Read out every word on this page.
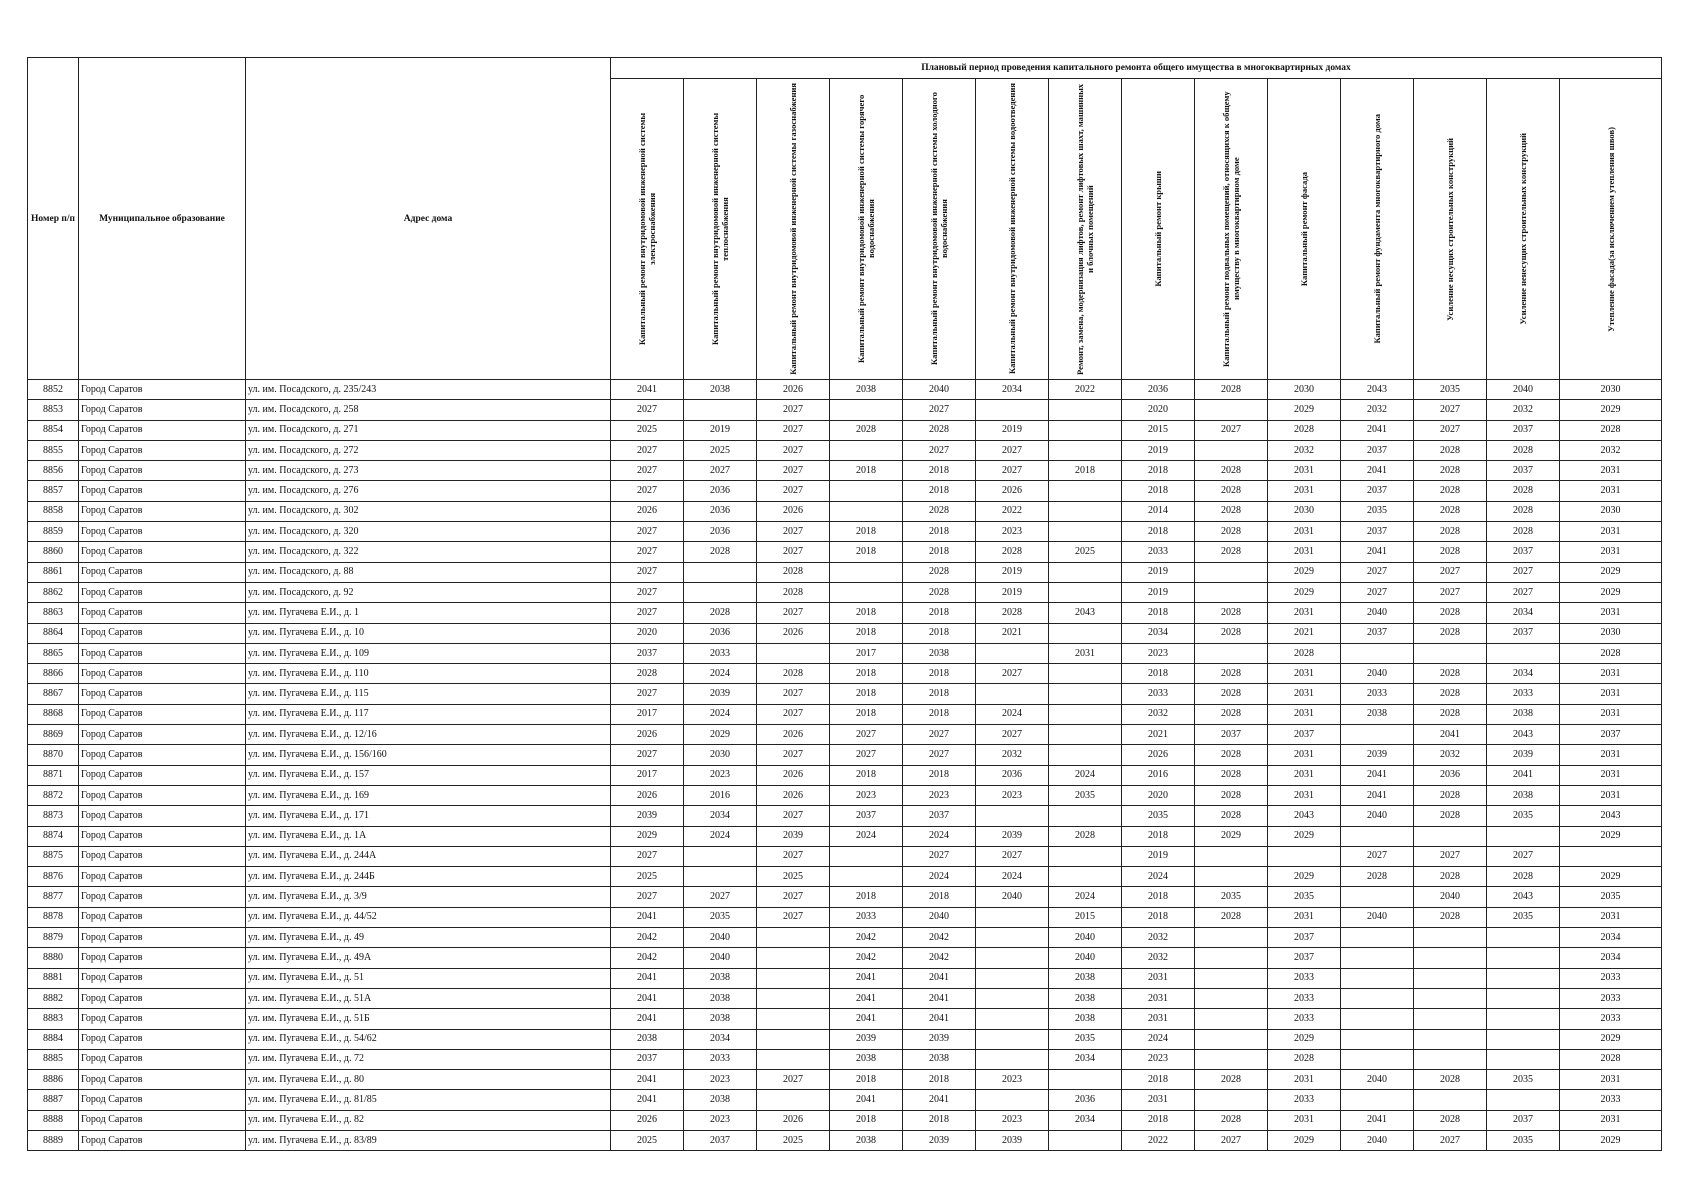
Номер п/п	Муниципальное образование	Адрес дома	Плановый период проведения капитального ремонта общего имущества в многоквартирных домах													

			Капитальный ремонт внутридомовой инженерной системы электроснабжения	Капитальный ремонт внутридомовой инженерной системы теплоснабжения	Капитальный ремонт внутридомовой инженерной системы газоснабжения	Капитальный ремонт внутридомовой инженерной системы горячего водоснабжения	Капитальный ремонт внутридомовой инженерной системы холодного водоснабжения	Капитальный ремонт внутридомовой инженерной системы водоотведения	Ремонт, замена, модернизация лифтов, ремонт лифтовых шахт, машинных и блочных помещений	Капитальный ремонт крыши	Капитальный ремонт подвальных помещений, относящихся к общему имуществу в многоквартирном доме	Капитальный ремонт фасада	Капитальный ремонт фундамента многоквартирного дома	Усиление несущих строительных конструкций	Усиление ненесущих строительных конструкций	Утепление фасада(за исключением утепления швов)

8852	Город Саратов	ул. им. Посадского, д. 235/243	2041	2038	2026	2038	2040	2034	2022	2036	2028	2030	2043	2035	2040	2030
8853	Город Саратов	ул. им. Посадского, д. 258	2027		2027		2027			2020		2029	2032	2027	2032	2029
8854	Город Саратов	ул. им. Посадского, д. 271	2025	2019	2027	2028	2028	2019		2015	2027	2028	2041	2027	2037	2028
8855	Город Саратов	ул. им. Посадского, д. 272	2027	2025	2027		2027	2027		2019		2032	2037	2028	2028	2032
8856	Город Саратов	ул. им. Посадского, д. 273	2027	2027	2027	2018	2018	2027	2018	2018	2028	2031	2041	2028	2037	2031
8857	Город Саратов	ул. им. Посадского, д. 276	2027	2036	2027		2018	2026		2018	2028	2031	2037	2028	2028	2031
8858	Город Саратов	ул. им. Посадского, д. 302	2026	2036	2026		2028	2022		2014	2028	2030	2035	2028	2028	2030
8859	Город Саратов	ул. им. Посадского, д. 320	2027	2036	2027	2018	2018	2023		2018	2028	2031	2037	2028	2028	2031
8860	Город Саратов	ул. им. Посадского, д. 322	2027	2028	2027	2018	2018	2028	2025	2033	2028	2031	2041	2028	2037	2031
8861	Город Саратов	ул. им. Посадского, д. 88	2027		2028		2028	2019		2019		2029	2027	2027	2027	2029
8862	Город Саратов	ул. им. Посадского, д. 92	2027		2028		2028	2019		2019		2029	2027	2027	2027	2029
8863	Город Саратов	ул. им. Пугачева Е.И., д. 1	2027	2028	2027	2018	2018	2028	2043	2018	2028	2031	2040	2028	2034	2031
8864	Город Саратов	ул. им. Пугачева Е.И., д. 10	2020	2036	2026	2018	2018	2021		2034	2028	2021	2037	2028	2037	2030
8865	Город Саратов	ул. им. Пугачева Е.И., д. 109	2037	2033		2017	2038		2031	2023		2028				2028
8866	Город Саратов	ул. им. Пугачева Е.И., д. 110	2028	2024	2028	2018	2018	2027		2018	2028	2031	2040	2028	2034	2031
8867	Город Саратов	ул. им. Пугачева Е.И., д. 115	2027	2039	2027	2018	2018			2033	2028	2031	2033	2028	2033	2031
8868	Город Саратов	ул. им. Пугачева Е.И., д. 117	2017	2024	2027	2018	2018	2024		2032	2028	2031	2038	2028	2038	2031
8869	Город Саратов	ул. им. Пугачева Е.И., д. 12/16	2026	2029	2026	2027	2027	2027		2021	2037	2037		2041	2043	2037
8870	Город Саратов	ул. им. Пугачева Е.И., д. 156/160	2027	2030	2027	2027	2027	2032		2026	2028	2031	2039	2032	2039	2031
8871	Город Саратов	ул. им. Пугачева Е.И., д. 157	2017	2023	2026	2018	2018	2036	2024	2016	2028	2031	2041	2036	2041	2031
8872	Город Саратов	ул. им. Пугачева Е.И., д. 169	2026	2016	2026	2023	2023	2023	2035	2020	2028	2031	2041	2028	2038	2031
8873	Город Саратов	ул. им. Пугачева Е.И., д. 171	2039	2034	2027	2037	2037			2035	2028	2043	2040	2028	2035	2043
8874	Город Саратов	ул. им. Пугачева Е.И., д. 1А	2029	2024	2039	2024	2024	2039	2028	2018	2029	2029				2029
8875	Город Саратов	ул. им. Пугачева Е.И., д. 244А	2027		2027		2027	2027		2019			2027	2027	2027	
8876	Город Саратов	ул. им. Пугачева Е.И., д. 244Б	2025		2025		2024	2024		2024		2029	2028	2028	2028	2029
8877	Город Саратов	ул. им. Пугачева Е.И., д. 3/9	2027	2027	2027	2018	2018	2040	2024	2018	2035	2035		2040	2043	2035
8878	Город Саратов	ул. им. Пугачева Е.И., д. 44/52	2041	2035	2027	2033	2040		2015	2018	2028	2031	2040	2028	2035	2031
8879	Город Саратов	ул. им. Пугачева Е.И., д. 49	2042	2040		2042	2042		2040	2032		2037				2034
8880	Город Саратов	ул. им. Пугачева Е.И., д. 49А	2042	2040		2042	2042		2040	2032		2037				2034
8881	Город Саратов	ул. им. Пугачева Е.И., д. 51	2041	2038		2041	2041		2038	2031		2033				2033
8882	Город Саратов	ул. им. Пугачева Е.И., д. 51А	2041	2038		2041	2041		2038	2031		2033				2033
8883	Город Саратов	ул. им. Пугачева Е.И., д. 51Б	2041	2038		2041	2041		2038	2031		2033				2033
8884	Город Саратов	ул. им. Пугачева Е.И., д. 54/62	2038	2034		2039	2039		2035	2024		2029				2029
8885	Город Саратов	ул. им. Пугачева Е.И., д. 72	2037	2033		2038	2038		2034	2023		2028				2028
8886	Город Саратов	ул. им. Пугачева Е.И., д. 80	2041	2023	2027	2018	2018	2023		2018	2028	2031	2040	2028	2035	2031
8887	Город Саратов	ул. им. Пугачева Е.И., д. 81/85	2041	2038		2041	2041		2036	2031		2033				2033
8888	Город Саратов	ул. им. Пугачева Е.И., д. 82	2026	2023	2026	2018	2018	2023	2034	2018	2028	2031	2041	2028	2037	2031
8889	Город Саратов	ул. им. Пугачева Е.И., д. 83/89	2025	2037	2025	2038	2039	2039		2022	2027	2029	2040	2027	2035	2029
